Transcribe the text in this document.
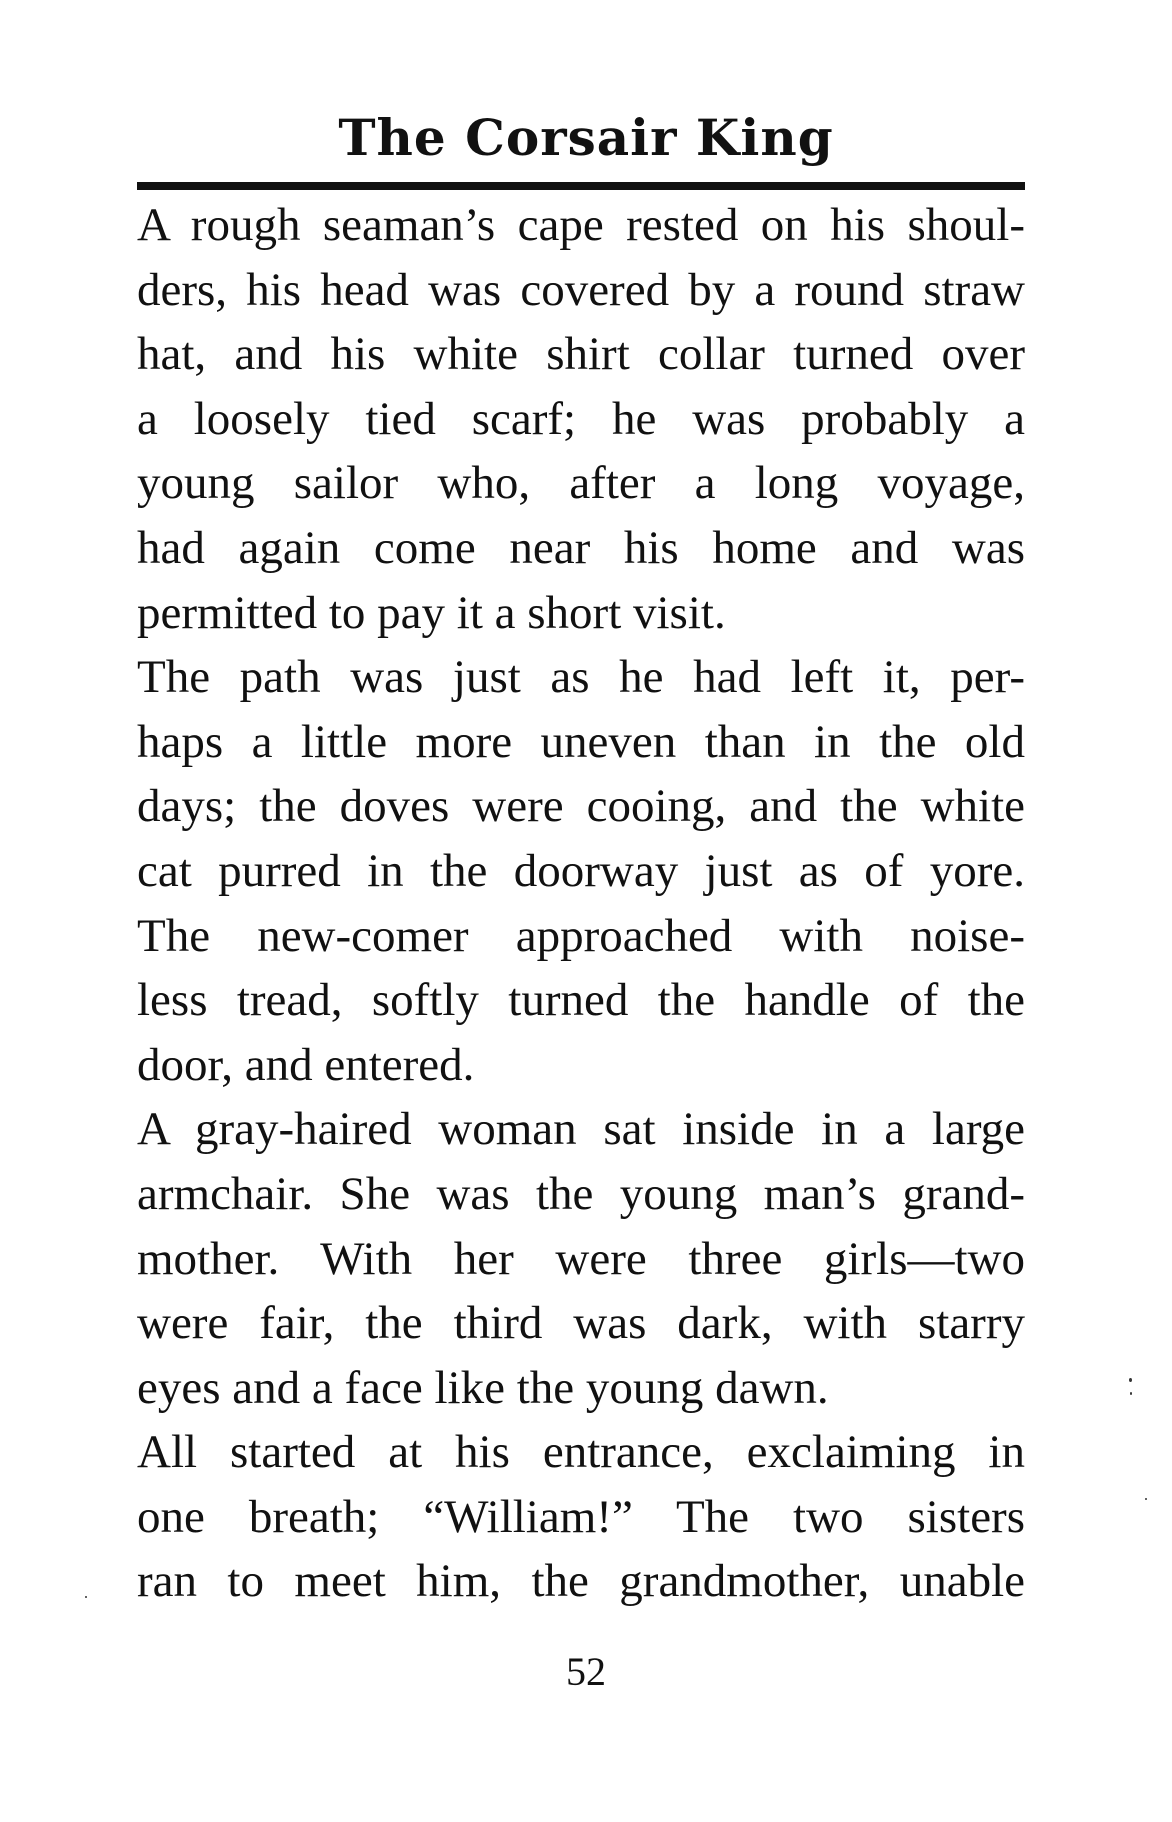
The Corsair King
A rough seaman’s cape rested on his shoul-
ders, his head was covered by a round straw
hat, and his white shirt collar turned over
a loosely tied scarf; he was probably a
young sailor who, after a long voyage,
had again come near his home and was
permitted to pay it a short visit.
The path was just as he had left it, per-
haps a little more uneven than in the old
days; the doves were cooing, and the white
cat purred in the doorway just as of yore.
The new-comer approached with noise-
less tread, softly turned the handle of the
door, and entered.
A gray-haired woman sat inside in a large
armchair. She was the young man’s grand-
mother. With her were three girls—two
were fair, the third was dark, with starry
eyes and a face like the young dawn.
All started at his entrance, exclaiming in
one breath; “William!” The two sisters
ran to meet him, the grandmother, unable
52
